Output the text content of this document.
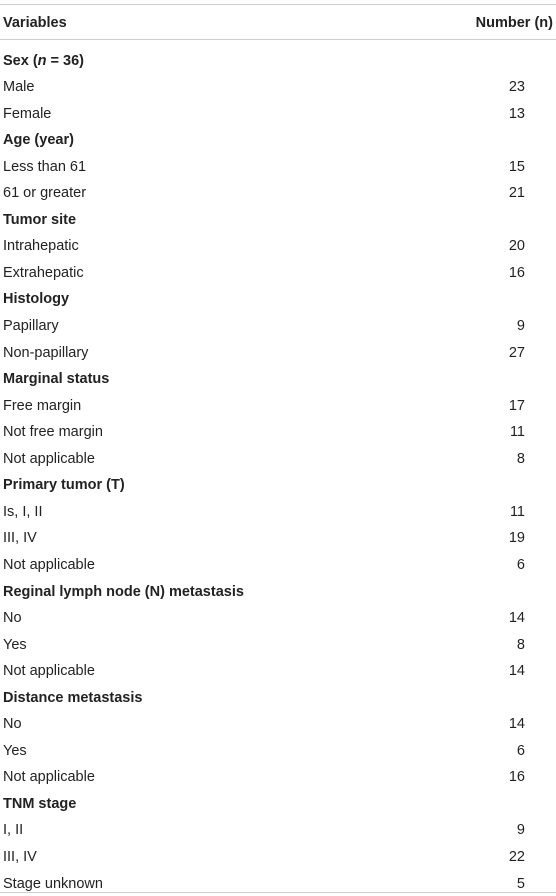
Variables	Number (n)
Sex (n = 36)
Male	23
Female	13
Age (year)
Less than 61	15
61 or greater	21
Tumor site
Intrahepatic	20
Extrahepatic	16
Histology
Papillary	9
Non-papillary	27
Marginal status
Free margin	17
Not free margin	11
Not applicable	8
Primary tumor (T)
Is, I, II	11
III, IV	19
Not applicable	6
Reginal lymph node (N) metastasis
No	14
Yes	8
Not applicable	14
Distance metastasis
No	14
Yes	6
Not applicable	16
TNM stage
I, II	9
III, IV	22
Stage unknown	5
